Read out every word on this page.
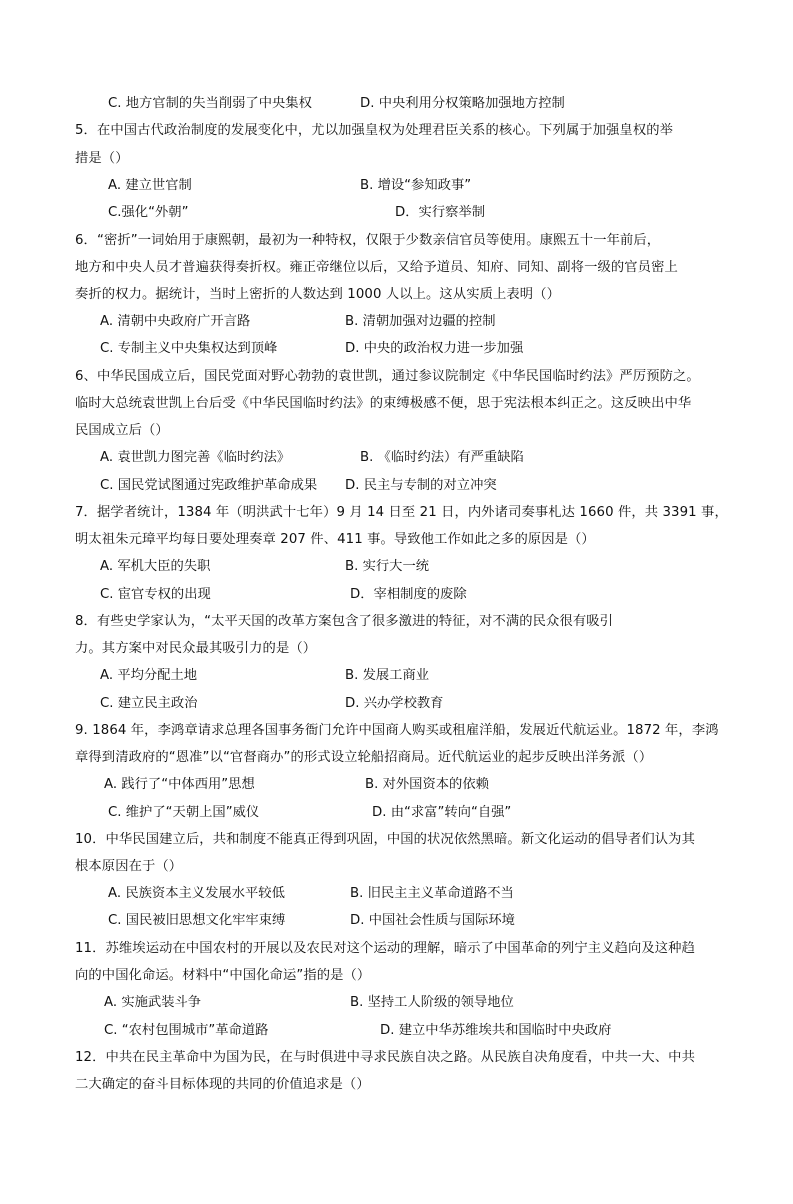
C. 地方官制的失当削弱了中央集权	D. 中央利用分权策略加强地方控制
5．在中国古代政治制度的发展变化中，尤以加强皇权为处理君臣关系的核心。下列属于加强皇权的举
措是（）
A. 建立世官制	B. 增设“参知政事”
C.强化“外朝”	D．实行察举制
6．“密折”一词始用于康熙朝，最初为一种特权，仅限于少数亲信官员等使用。康熙五十一年前后，
地方和中央人员才普遍获得奏折权。雍正帝继位以后，又给予道员、知府、同知、副将一级的官员密上
奏折的权力。据统计，当时上密折的人数达到 1000 人以上。这从实质上表明（）
A. 清朝中央政府广开言路	B. 清朝加强对边疆的控制
C. 专制主义中央集权达到顶峰	D. 中央的政治权力进一步加强
6、中华民国成立后，国民党面对野心勃勃的袁世凯，通过参议院制定《中华民国临时约法》严厉预防之。
临时大总统袁世凯上台后受《中华民国临时约法》的束缚极感不便，思于宪法根本纠正之。这反映出中华
民国成立后（）
A. 袁世凯力图完善《临时约法》	B. 《临时约法）有严重缺陷
C. 国民党试图通过宪政维护革命成果 D. 民主与专制的对立冲突
7．据学者统计，1384 年（明洪武十七年）9 月 14 日至 21 日，内外诸司奏事札达 1660 件，共 3391 事，
明太祖朱元璋平均每日要处理奏章 207 件、411 事。导致他工作如此之多的原因是（）
A. 军机大臣的失职	B. 实行大一统
C. 宦官专权的出现	D．宰相制度的废除
8．有些史学家认为，“太平天国的改革方案包含了很多激进的特征，对不满的民众很有吸引
力。其方案中对民众最其吸引力的是（）
A. 平均分配土地	B. 发展工商业
C. 建立民主政治	D. 兴办学校教育
9. 1864 年，李鸿章请求总理各国事务衙门允许中国商人购买或租雇洋船，发展近代航运业。1872 年，李鸿
章得到清政府的“恩准”以“官督商办”的形式设立轮船招商局。近代航运业的起步反映出洋务派（）
A. 践行了“中体西用”思想	B. 对外国资本的依赖
C. 维护了“天朝上国”威仪	D. 由“求富”转向“自强”
10．中华民国建立后，共和制度不能真正得到巩固，中国的状况依然黑暗。新文化运动的倡导者们认为其
根本原因在于（）
A. 民族资本主义发展水平较低	B. 旧民主主义革命道路不当
C. 国民被旧思想文化牢牢束缚	D. 中国社会性质与国际环境
11．苏维埃运动在中国农村的开展以及农民对这个运动的理解，暗示了中国革命的列宁主义趋向及这种趋
向的中国化命运。材料中“中国化命运”指的是（）
A. 实施武装斗争	B. 坚持工人阶级的领导地位
C. “农村包围城市”革命道路	D. 建立中华苏维埃共和国临时中央政府
12．中共在民主革命中为国为民，在与时俱进中寻求民族自决之路。从民族自决角度看，中共一大、中共
二大确定的奋斗目标体现的共同的价值追求是（）
